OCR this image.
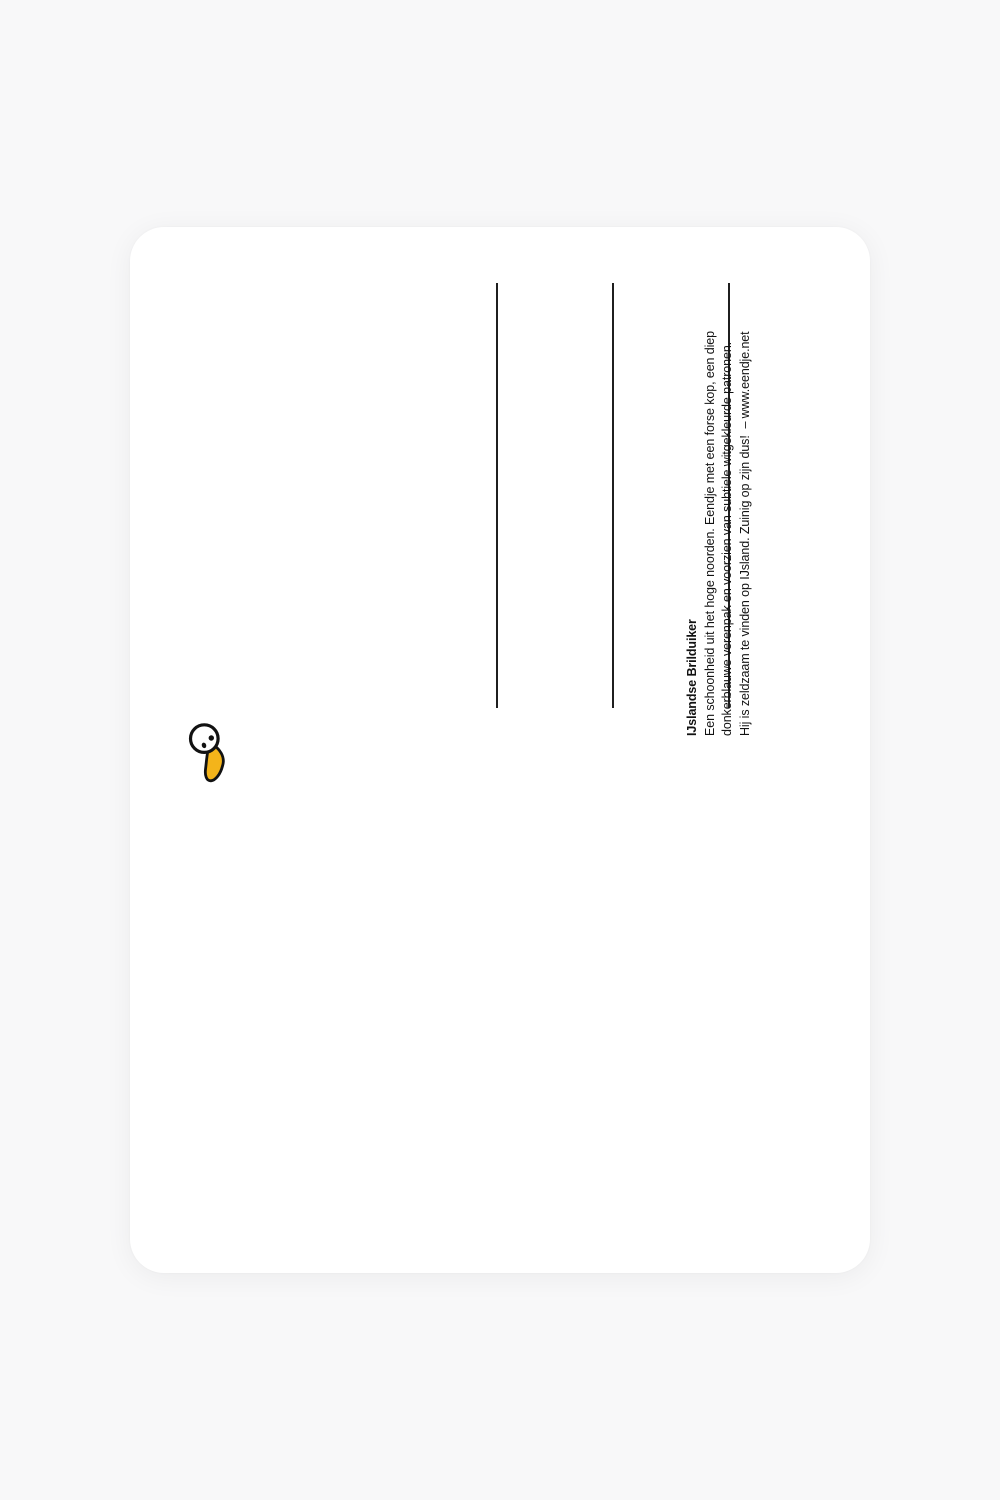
IJslandse Brilduiker Een schoonheid uit het hoge noorden. Eendje met een forse kop, een diep donkerblauwe verenpak en voorzien van subtiele witgekleurde patronen. Hij is zeldzaam te vinden op IJsland. Zuinig op zijn dus!  – www.eendje.net
